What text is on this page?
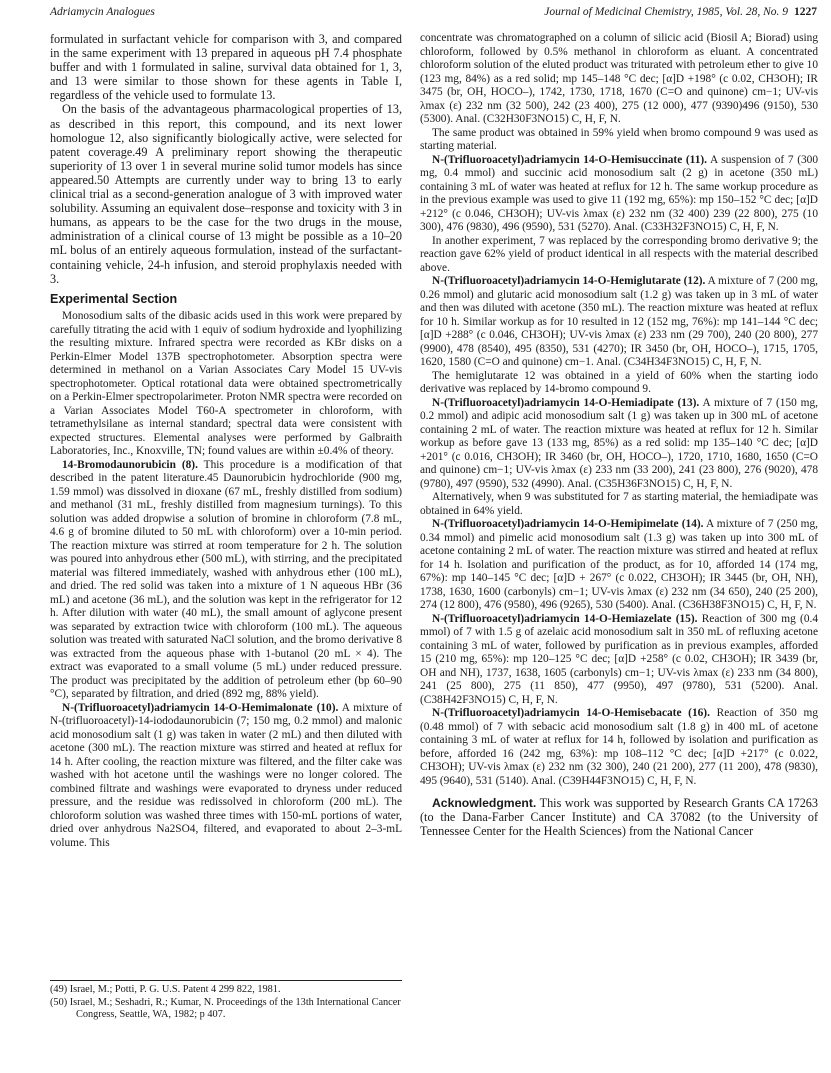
Adriamycin Analogues	Journal of Medicinal Chemistry, 1985, Vol. 28, No. 9 1227

formulated in surfactant vehicle for comparison with 3, and compared in the same experiment with 13 prepared in aqueous pH 7.4 phosphate buffer and with 1 formulated in saline, survival data obtained for 1, 3, and 13 were similar to those shown for these agents in Table I, regardless of the vehicle used to formulate 13.

On the basis of the advantageous pharmacological properties of 13, as described in this report, this compound, and its next lower homologue 12, also significantly biologically active, were selected for patent coverage.49 A preliminary report showing the therapeutic superiority of 13 over 1 in several murine solid tumor models has since appeared.50 Attempts are currently under way to bring 13 to early clinical trial as a second-generation analogue of 3 with improved water solubility. Assuming an equivalent dose–response and toxicity with 3 in humans, as appears to be the case for the two drugs in the mouse, administration of a clinical course of 13 might be possible as a 10–20 mL bolus of an entirely aqueous formulation, instead of the surfactant-containing vehicle, 24-h infusion, and steroid prophylaxis needed with 3.

Experimental Section

Monosodium salts of the dibasic acids used in this work were prepared by carefully titrating the acid with 1 equiv of sodium hydroxide and lyophilizing the resulting mixture. Infrared spectra were recorded as KBr disks on a Perkin-Elmer Model 137B spectrophotometer. Absorption spectra were determined in methanol on a Varian Associates Cary Model 15 UV-vis spectrophotometer. Optical rotational data were obtained spectrometrically on a Perkin-Elmer spectropolarimeter. Proton NMR spectra were recorded on a Varian Associates Model T60-A spectrometer in chloroform, with tetramethylsilane as internal standard; spectral data were consistent with expected structures. Elemental analyses were performed by Galbraith Laboratories, Inc., Knoxville, TN; found values are within ±0.4% of theory.

14-Bromodaunorubicin (8). This procedure is a modification of that described in the patent literature.45 Daunorubicin hydrochloride (900 mg, 1.59 mmol) was dissolved in dioxane (67 mL, freshly distilled from sodium) and methanol (31 mL, freshly distilled from magnesium turnings). To this solution was added dropwise a solution of bromine in chloroform (7.8 mL, 4.6 g of bromine diluted to 50 mL with chloroform) over a 10-min period. The reaction mixture was stirred at room temperature for 2 h. The solution was poured into anhydrous ether (500 mL), with stirring, and the precipitated material was filtered immediately, washed with anhydrous ether (100 mL), and dried. The red solid was taken into a mixture of 1 N aqueous HBr (36 mL) and acetone (36 mL), and the solution was kept in the refrigerator for 12 h. After dilution with water (40 mL), the small amount of aglycone present was separated by extraction twice with chloroform (100 mL). The aqueous solution was treated with saturated NaCl solution, and the bromo derivative 8 was extracted from the aqueous phase with 1-butanol (20 mL × 4). The extract was evaporated to a small volume (5 mL) under reduced pressure. The product was precipitated by the addition of petroleum ether (bp 60–90 °C), separated by filtration, and dried (892 mg, 88% yield).

N-(Trifluoroacetyl)adriamycin 14-O-Hemimalonate (10). A mixture of N-(trifluoroacetyl)-14-iododaunorubicin (7; 150 mg, 0.2 mmol) and malonic acid monosodium salt (1 g) was taken in water (2 mL) and then diluted with acetone (300 mL). The reaction mixture was stirred and heated at reflux for 14 h. After cooling, the reaction mixture was filtered, and the filter cake was washed with hot acetone until the washings were no longer colored. The combined filtrate and washings were evaporated to dryness under reduced pressure, and the residue was redissolved in chloroform (200 mL). The chloroform solution was washed three times with 150-mL portions of water, dried over anhydrous Na2SO4, filtered, and evaporated to about 2–3-mL volume. This

(49) Israel, M.; Potti, P. G. U.S. Patent 4 299 822, 1981.
(50) Israel, M.; Seshadri, R.; Kumar, N. Proceedings of the 13th International Cancer Congress, Seattle, WA, 1982; p 407.

concentrate was chromatographed on a column of silicic acid (Biosil A; Biorad) using chloroform, followed by 0.5% methanol in chloroform as eluant. A concentrated chloroform solution of the eluted product was triturated with petroleum ether to give 10 (123 mg, 84%) as a red solid; mp 145–148 °C dec; [α]D +198° (c 0.02, CH3OH); IR 3475 (br, OH, HOCO–), 1742, 1730, 1718, 1670 (C=O and quinone) cm−1; UV-vis λmax (ε) 232 nm (32 500), 242 (23 400), 275 (12 000), 477 (9390)496 (9150), 530 (5300). Anal. (C32H30F3NO15) C, H, F, N.

The same product was obtained in 59% yield when bromo compound 9 was used as starting material.

N-(Trifluoroacetyl)adriamycin 14-O-Hemisuccinate (11). A suspension of 7 (300 mg, 0.4 mmol) and succinic acid monosodium salt (2 g) in acetone (350 mL) containing 3 mL of water was heated at reflux for 12 h. The same workup procedure as in the previous example was used to give 11 (192 mg, 65%): mp 150–152 °C dec; [α]D +212° (c 0.046, CH3OH); UV-vis λmax (ε) 232 nm (32 400) 239 (22 800), 275 (10 300), 476 (9830), 496 (9590), 531 (5270). Anal. (C33H32F3NO15) C, H, F, N.

In another experiment, 7 was replaced by the corresponding bromo derivative 9; the reaction gave 62% yield of product identical in all respects with the material described above.

N-(Trifluoroacetyl)adriamycin 14-O-Hemiglutarate (12). A mixture of 7 (200 mg, 0.26 mmol) and glutaric acid monosodium salt (1.2 g) was taken up in 3 mL of water and then was diluted with acetone (350 mL). The reaction mixture was heated at reflux for 10 h. Similar workup as for 10 resulted in 12 (152 mg, 76%): mp 141–144 °C dec; [α]D +288° (c 0.046, CH3OH); UV-vis λmax (ε) 233 nm (29 700), 240 (20 800), 277 (9900), 478 (8540), 495 (8350), 531 (4270); IR 3450 (br, OH, HOCO–), 1715, 1705, 1620, 1580 (C=O and quinone) cm−1. Anal. (C34H34F3NO15) C, H, F, N.

The hemiglutarate 12 was obtained in a yield of 60% when the starting iodo derivative was replaced by 14-bromo compound 9.

N-(Trifluoroacetyl)adriamycin 14-O-Hemiadipate (13). A mixture of 7 (150 mg, 0.2 mmol) and adipic acid monosodium salt (1 g) was taken up in 300 mL of acetone containing 2 mL of water. The reaction mixture was heated at reflux for 12 h. Similar workup as before gave 13 (133 mg, 85%) as a red solid: mp 135–140 °C dec; [α]D +201° (c 0.016, CH3OH); IR 3460 (br, OH, HOCO–), 1720, 1710, 1680, 1650 (C=O and quinone) cm−1; UV-vis λmax (ε) 233 nm (33 200), 241 (23 800), 276 (9020), 478 (9780), 497 (9590), 532 (4990). Anal. (C35H36F3NO15) C, H, F, N.

Alternatively, when 9 was substituted for 7 as starting material, the hemiadipate was obtained in 64% yield.

N-(Trifluoroacetyl)adriamycin 14-O-Hemipimelate (14). A mixture of 7 (250 mg, 0.34 mmol) and pimelic acid monosodium salt (1.3 g) was taken up into 300 mL of acetone containing 2 mL of water. The reaction mixture was stirred and heated at reflux for 14 h. Isolation and purification of the product, as for 10, afforded 14 (174 mg, 67%): mp 140–145 °C dec; [α]D + 267° (c 0.022, CH3OH); IR 3445 (br, OH, NH), 1738, 1630, 1600 (carbonyls) cm−1; UV-vis λmax (ε) 232 nm (34 650), 240 (25 200), 274 (12 800), 476 (9580), 496 (9265), 530 (5400). Anal. (C36H38F3NO15) C, H, F, N.

N-(Trifluoroacetyl)adriamycin 14-O-Hemiazelate (15). Reaction of 300 mg (0.4 mmol) of 7 with 1.5 g of azelaic acid monosodium salt in 350 mL of refluxing acetone containing 3 mL of water, followed by purification as in previous examples, afforded 15 (210 mg, 65%): mp 120–125 °C dec; [α]D +258° (c 0.02, CH3OH); IR 3439 (br, OH and NH), 1737, 1638, 1605 (carbonyls) cm−1; UV-vis λmax (ε) 233 nm (34 800), 241 (25 800), 275 (11 850), 477 (9950), 497 (9780), 531 (5200). Anal. (C38H42F3NO15) C, H, F, N.

N-(Trifluoroacetyl)adriamycin 14-O-Hemisebacate (16). Reaction of 350 mg (0.48 mmol) of 7 with sebacic acid monosodium salt (1.8 g) in 400 mL of acetone containing 3 mL of water at reflux for 14 h, followed by isolation and purification as before, afforded 16 (242 mg, 63%): mp 108–112 °C dec; [α]D +217° (c 0.022, CH3OH); UV-vis λmax (ε) 232 nm (32 300), 240 (21 200), 277 (11 200), 478 (9830), 495 (9640), 531 (5140). Anal. (C39H44F3NO15) C, H, F, N.

Acknowledgment. This work was supported by Research Grants CA 17263 (to the Dana-Farber Cancer Institute) and CA 37082 (to the University of Tennessee Center for the Health Sciences) from the National Cancer
